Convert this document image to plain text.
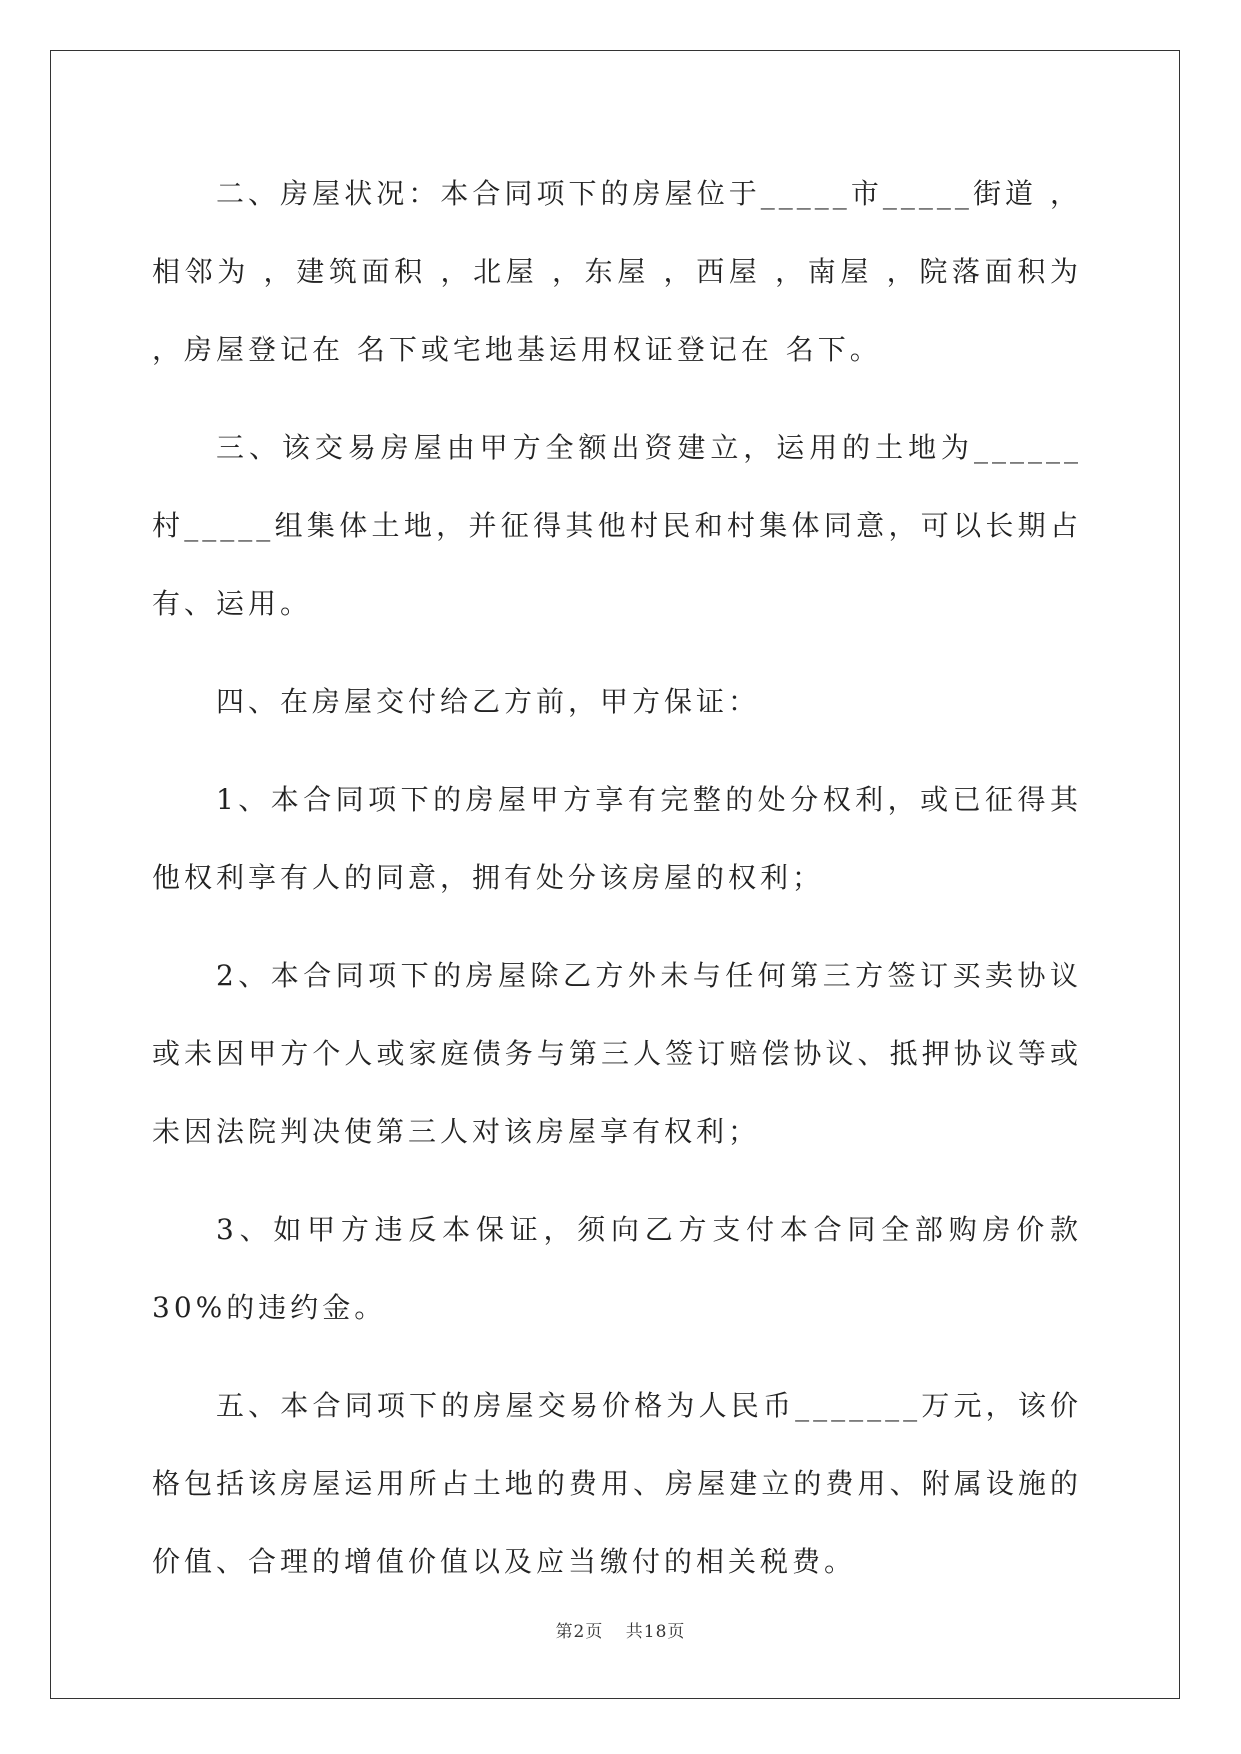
二、房屋状况：本合同项下的房屋位于_____市_____街道 ，相邻为 ，建筑面积 ，北屋 ，东屋 ，西屋 ，南屋 ，院落面积为 ，房屋登记在 名下或宅地基运用权证登记在 名下。

三、该交易房屋由甲方全额出资建立，运用的土地为______村_____组集体土地，并征得其他村民和村集体同意，可以长期占有、运用。

四、在房屋交付给乙方前，甲方保证：

1、本合同项下的房屋甲方享有完整的处分权利，或已征得其他权利享有人的同意，拥有处分该房屋的权利；

2、本合同项下的房屋除乙方外未与任何第三方签订买卖协议或未因甲方个人或家庭债务与第三人签订赔偿协议、抵押协议等或未因法院判决使第三人对该房屋享有权利；

3、如甲方违反本保证，须向乙方支付本合同全部购房价款 30%的违约金。

五、本合同项下的房屋交易价格为人民币_______万元，该价格包括该房屋运用所占土地的费用、房屋建立的费用、附属设施的价值、合理的增值价值以及应当缴付的相关税费。

第2页 共18页
